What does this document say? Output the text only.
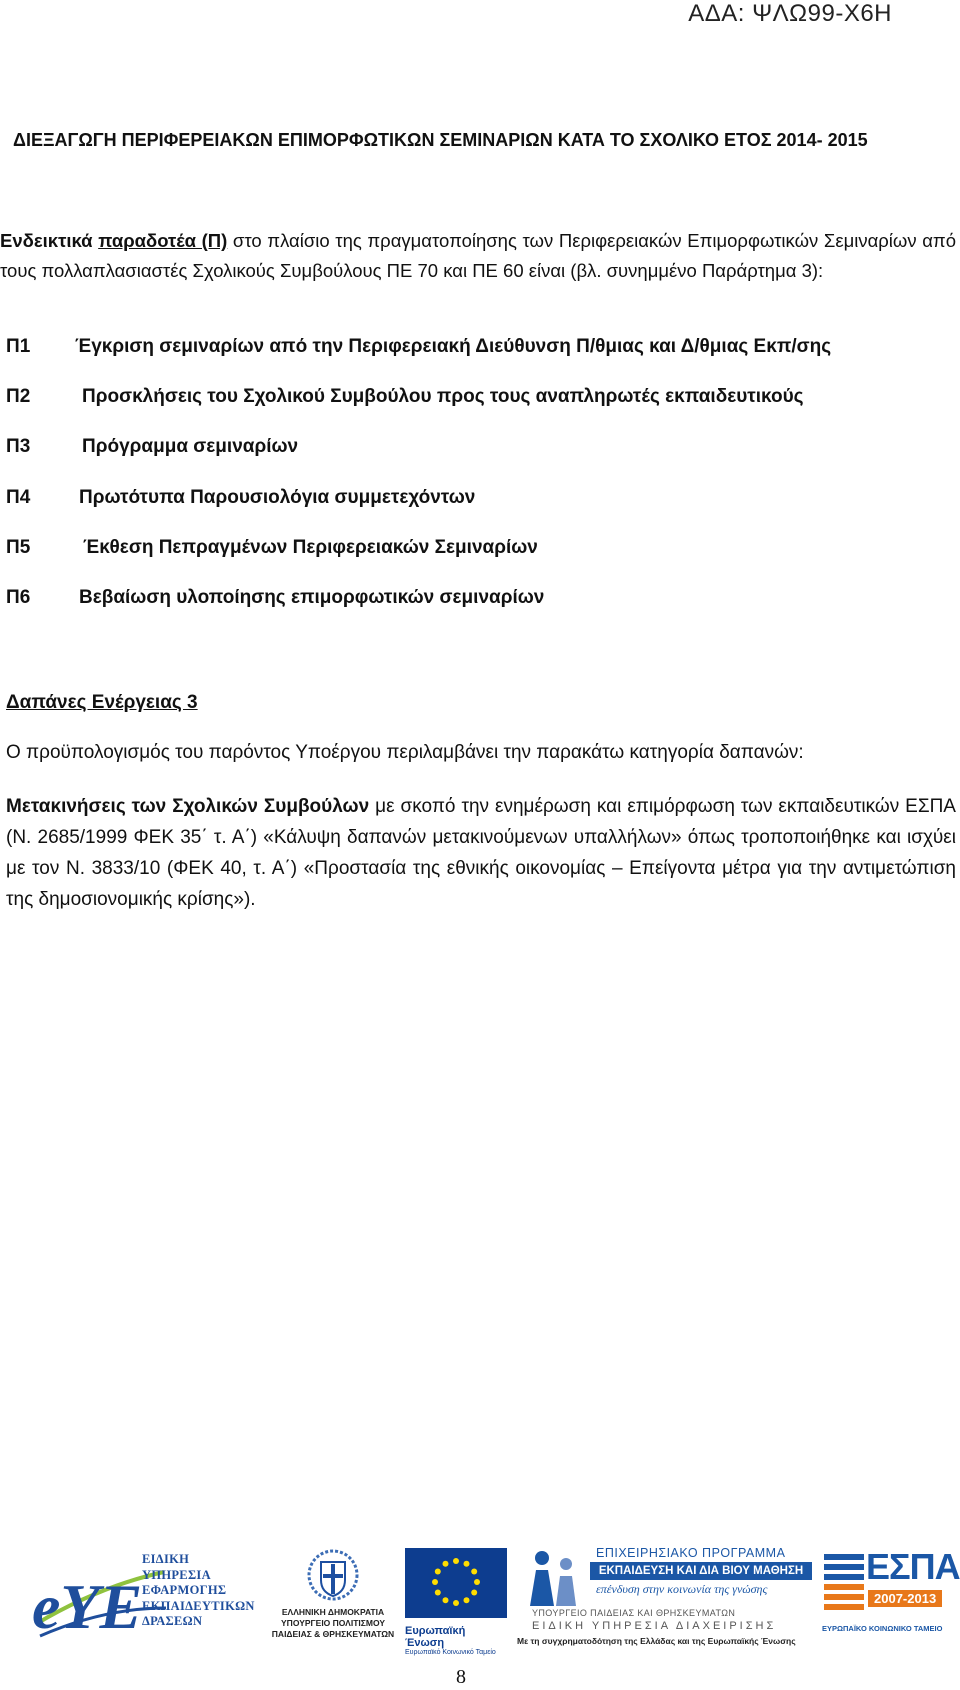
ΑΔΑ: ΨΛΩ99-Χ6Η
ΔΙΕΞΑΓΩΓΗ ΠΕΡΙΦΕΡΕΙΑΚΩΝ ΕΠΙΜΟΡΦΩΤΙΚΩΝ ΣΕΜΙΝΑΡΙΩΝ ΚΑΤΑ ΤΟ ΣΧΟΛΙΚΟ ΕΤΟΣ 2014- 2015
Ενδεικτικά παραδοτέα (Π) στο πλαίσιο της πραγματοποίησης των Περιφερειακών Επιμορφωτικών Σεμιναρίων από τους πολλαπλασιαστές Σχολικούς Συμβούλους ΠΕ 70 και ΠΕ 60 είναι (βλ. συνημμένο Παράρτημα 3):
Π1 Έγκριση σεμιναρίων από την Περιφερειακή Διεύθυνση Π/θμιας και Δ/θμιας Εκπ/σης
Π2	Προσκλήσεις του Σχολικού Συμβούλου προς τους αναπληρωτές εκπαιδευτικούς
Π3	Πρόγραμμα σεμιναρίων
Π4	Πρωτότυπα Παρουσιολόγια συμμετεχόντων
Π5	Έκθεση Πεπραγμένων Περιφερειακών Σεμιναρίων
Π6	Βεβαίωση υλοποίησης επιμορφωτικών σεμιναρίων
Δαπάνες Ενέργειας 3
Ο προϋπολογισμός του παρόντος Υποέργου περιλαμβάνει την παρακάτω κατηγορία δαπανών:
Μετακινήσεις των Σχολικών Συμβούλων με σκοπό την ενημέρωση και επιμόρφωση των εκπαιδευτικών ΕΣΠΑ (Ν. 2685/1999 ΦΕΚ 35΄ τ. Α΄) «Κάλυψη δαπανών μετακινούμενων υπαλλήλων» όπως τροποποιήθηκε και ισχύει με τον Ν. 3833/10 (ΦΕΚ 40, τ. Α΄) «Προστασία της εθνικής οικονομίας – Επείγοντα μέτρα για την αντιμετώπιση της δημοσιονομικής κρίσης»).
eYE
ΕΙΔΙΚΗ
ΥΠΗΡΕΣΙΑ
ΕΦΑΡΜΟΓΗΣ
ΕΚΠΑΙΔΕΥΤΙΚΩΝ
ΔΡΑΣΕΩΝ
ΕΛΛΗΝΙΚΗ ΔΗΜΟΚΡΑΤΙΑ
ΥΠΟΥΡΓΕΙΟ ΠΟΛΙΤΙΣΜΟΥ
ΠΑΙΔΕΙΑΣ & ΘΡΗΣΚΕΥΜΑΤΩΝ Ευρωπαϊκή Ένωση
Ευρωπαϊκό Κοινωνικό Ταμείο
ΕΠΙΧΕΙΡΗΣΙΑΚΟ ΠΡΟΓΡΑΜΜΑ
ΕΚΠΑΙΔΕΥΣΗ ΚΑΙ ΔΙΑ ΒΙΟΥ ΜΑΘΗΣΗ
επένδυση στην κοινωνία της γνώσης
ΥΠΟΥΡΓΕΙΟ ΠΑΙΔΕΙΑΣ ΚΑΙ ΘΡΗΣΚΕΥΜΑΤΩΝ
ΕΙΔΙΚΗ ΥΠΗΡΕΣΙΑ ΔΙΑΧΕΙΡΙΣΗΣ
Με τη συγχρηματοδότηση της Ελλάδας και της Ευρωπαϊκής Ένωσης
ΕΣΠΑ
2007-2013
ΕΥΡΩΠΑΪΚΟ ΚΟΙΝΩΝΙΚΟ ΤΑΜΕΙΟ
8
